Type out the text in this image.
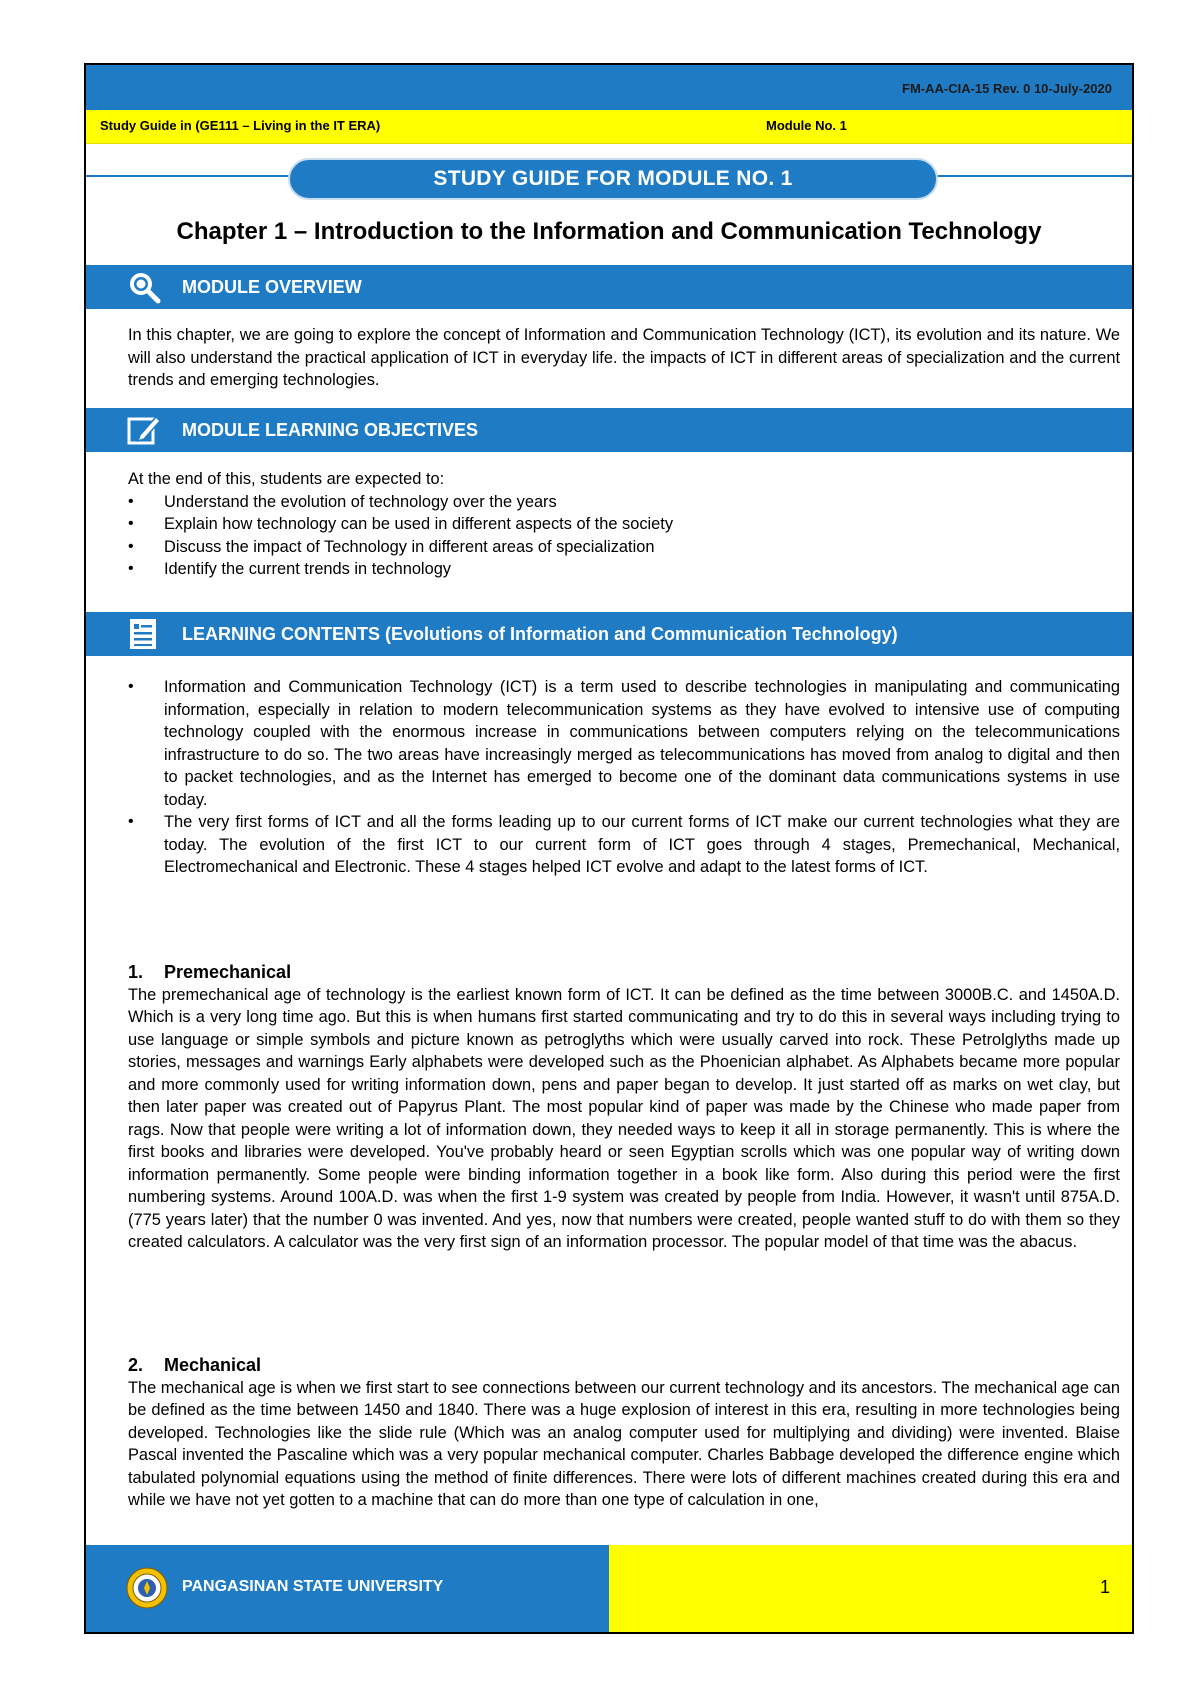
FM-AA-CIA-15 Rev. 0 10-July-2020
Study Guide in (GE111 – Living in the IT ERA)	Module No. 1
STUDY GUIDE FOR MODULE NO. 1
Chapter 1 – Introduction to the Information and Communication Technology
MODULE OVERVIEW
In this chapter, we are going to explore the concept of Information and Communication Technology (ICT), its evolution and its nature. We will also understand the practical application of ICT in everyday life. the impacts of ICT in different areas of specialization and the current trends and emerging technologies.
MODULE LEARNING OBJECTIVES

At the end of this, students are expected to:

• Understand the evolution of technology over the years
• Explain how technology can be used in different aspects of the society
• Discuss the impact of Technology in different areas of specialization
• Identify the current trends in technology
LEARNING CONTENTS (Evolutions of Information and Communication Technology)
• Information and Communication Technology (ICT) is a term used to describe technologies in manipulating and communicating information, especially in relation to modern telecommunication systems as they have evolved to intensive use of computing technology coupled with the enormous increase in communications between computers relying on the telecommunications infrastructure to do so. The two areas have increasingly merged as telecommunications has moved from analog to digital and then to packet technologies, and as the Internet has emerged to become one of the dominant data communications systems in use today.
• The very first forms of ICT and all the forms leading up to our current forms of ICT make our current technologies what they are today. The evolution of the first ICT to our current form of ICT goes through 4 stages, Premechanical, Mechanical, Electromechanical and Electronic. These 4 stages helped ICT evolve and adapt to the latest forms of ICT.
1. Premechanical

The premechanical age of technology is the earliest known form of ICT. It can be defined as the time between 3000B.C. and 1450A.D. Which is a very long time ago. But this is when humans first started communicating and try to do this in several ways including trying to use language or simple symbols and picture known as petroglyths which were usually carved into rock. These Petrolglyths made up stories, messages and warnings Early alphabets were developed such as the Phoenician alphabet. As Alphabets became more popular and more commonly used for writing information down, pens and paper began to develop. It just started off as marks on wet clay, but then later paper was created out of Papyrus Plant. The most popular kind of paper was made by the Chinese who made paper from rags. Now that people were writing a lot of information down, they needed ways to keep it all in storage permanently. This is where the first books and libraries were developed. You've probably heard or seen Egyptian scrolls which was one popular way of writing down information permanently. Some people were binding information together in a book like form. Also during this period were the first numbering systems. Around 100A.D. was when the first 1-9 system was created by people from India. However, it wasn't until 875A.D. (775 years later) that the number 0 was invented. And yes, now that numbers were created, people wanted stuff to do with them so they created calculators. A calculator was the very first sign of an information processor. The popular model of that time was the abacus.

2. Mechanical

The mechanical age is when we first start to see connections between our current technology and its ancestors. The mechanical age can be defined as the time between 1450 and 1840. There was a huge explosion of interest in this era, resulting in more technologies being developed. Technologies like the slide rule (Which was an analog computer used for multiplying and dividing) were invented. Blaise Pascal invented the Pascaline which was a very popular mechanical computer. Charles Babbage developed the difference engine which tabulated polynomial equations using the method of finite differences. There were lots of different machines created during this era and while we have not yet gotten to a machine that can do more than one type of calculation in one,

PANGASINAN STATE UNIVERSITY	1
